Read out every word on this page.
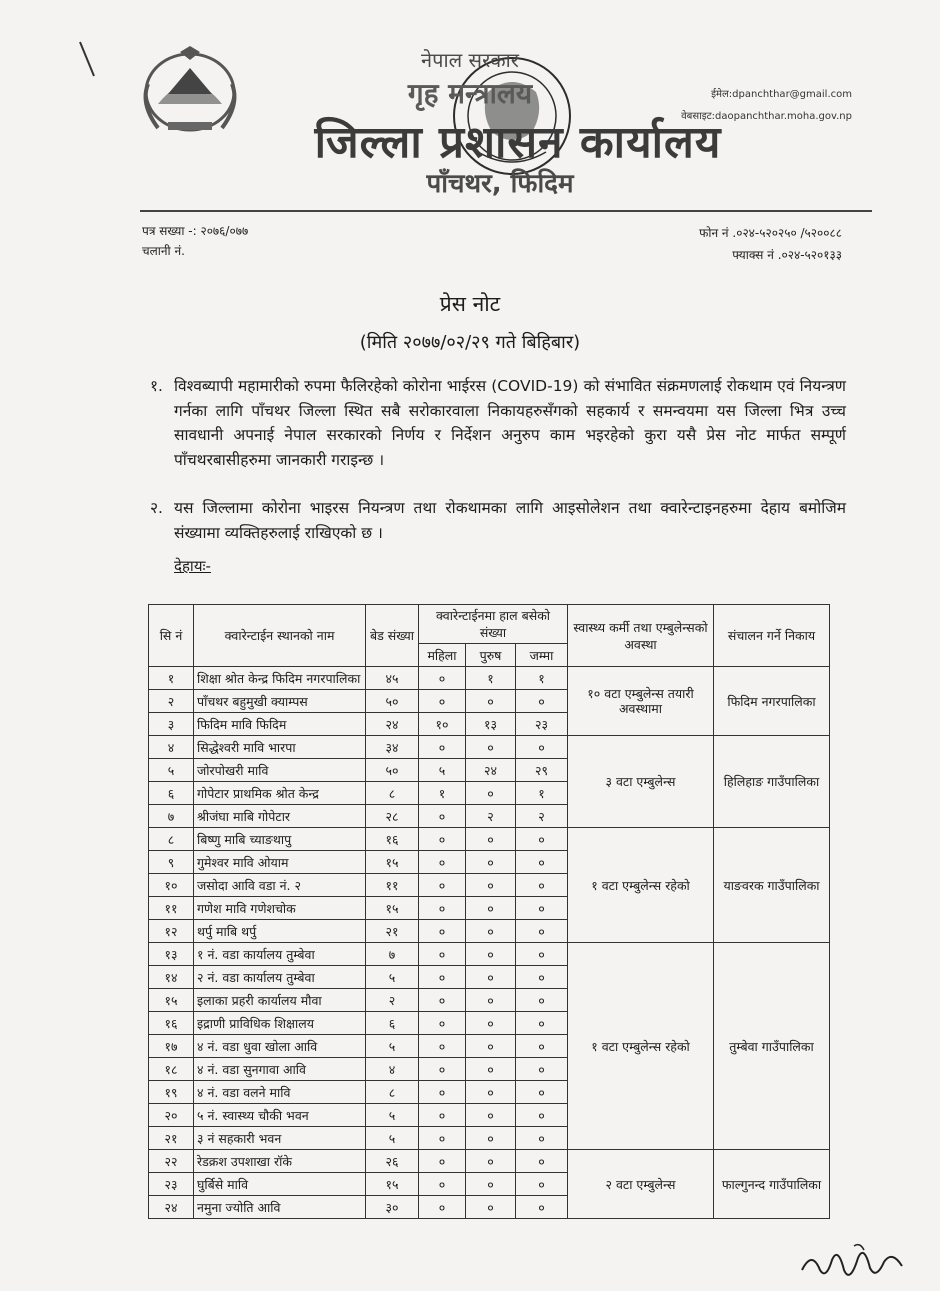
नेपाल सरकार
गृह मन्त्रालय
जिल्ला प्रशासन कार्यालय
पाँचथर, फिदिम
ईमेल:dpanchthar@gmail.com
वेबसाइट:daopanchthar.moha.gov.np
पत्र सख्या -: २०७६/०७७
चलानी नं.
फोन नं .०२४-५२०२५० /५२००८८
फ्याक्स नं .०२४-५२०१३३
प्रेस नोट
(मिति २०७७/०२/२९ गते बिहिबार)
१. विश्वब्यापी महामारीको रुपमा फैलिरहेको कोरोना भाईरस (COVID-19) को संभावित संक्रमणलाई रोकथाम एवं नियन्त्रण गर्नका लागि पाँचथर जिल्ला स्थित सबै सरोकारवाला निकायहरुसँगको सहकार्य र समन्वयमा यस जिल्ला भित्र उच्च सावधानी अपनाई नेपाल सरकारको निर्णय र निर्देशन अनुरुप काम भइरहेको कुरा यसै प्रेस नोट मार्फत सम्पूर्ण पाँचथरबासीहरुमा जानकारी गराइन्छ ।
२. यस जिल्लामा कोरोना भाइरस नियन्त्रण तथा रोकथामका लागि आइसोलेशन तथा क्वारेन्टाइनहरुमा देहाय बमोजिम संख्यामा व्यक्तिहरुलाई राखिएको छ ।
देहायः-
सि नं	क्वारेन्टाईन स्थानको नाम	बेड संख्या	क्वारेन्टाईनमा हाल बसेको संख्या			स्वास्थ्य कर्मी तथा एम्बुलेन्सको अवस्था	संचालन गर्ने निकाय
			महिला	पुरुष	जम्मा		
१	शिक्षा श्रोत केन्द्र फिदिम नगरपालिका	४५	०	१	१	१० वटा एम्बुलेन्स तयारी अवस्थामा	फिदिम नगरपालिका
२	पाँचथर बहुमुखी क्याम्पस	५०	०	०	०		
३	फिदिम मावि फिदिम	२४	१०	१३	२३		
४	सिद्धेश्वरी मावि भारपा	३४	०	०	०	३ वटा एम्बुलेन्स	हिलिहाङ गाउँपालिका
५	जोरपोखरी मावि	५०	५	२४	२९		
६	गोपेटार प्राथमिक श्रोत केन्द्र	८	१	०	१		
७	श्रीजंघा माबि गोपेटार	२८	०	२	२		
८	बिष्णु माबि च्याङथापु	१६	०	०	०	१ वटा एम्बुलेन्स रहेको	याङवरक गाउँपालिका
९	गुमेश्वर मावि ओयाम	१५	०	०	०		
१०	जसोदा आवि वडा नं. २	११	०	०	०		
११	गणेश मावि गणेशचोक	१५	०	०	०		
१२	थर्पु माबि थर्पु	२१	०	०	०		
१३	१ नं. वडा कार्यालय तुम्बेवा	७	०	०	०	१ वटा एम्बुलेन्स रहेको	तुम्बेवा गाउँपालिका
१४	२ नं. वडा कार्यालय तुम्बेवा	५	०	०	०		
१५	इलाका प्रहरी कार्यालय मौवा	२	०	०	०		
१६	इद्राणी प्राविधिक शिक्षालय	६	०	०	०		
१७	४ नं. वडा धुवा खोला आवि	५	०	०	०		
१८	४ नं. वडा सुनगावा आवि	४	०	०	०		
१९	४ नं. वडा वलने मावि	८	०	०	०		
२०	५ नं. स्वास्थ्य चौकी भवन	५	०	०	०		
२१	३ नं सहकारी भवन	५	०	०	०		
२२	रेडक्रश उपशाखा रॉके	२६	०	०	०	२ वटा एम्बुलेन्स	फाल्गुनन्द गाउँपालिका
२३	घुर्बिसे मावि	१५	०	०	०		
२४	नमुना ज्योति आवि	३०	०	०	०		
